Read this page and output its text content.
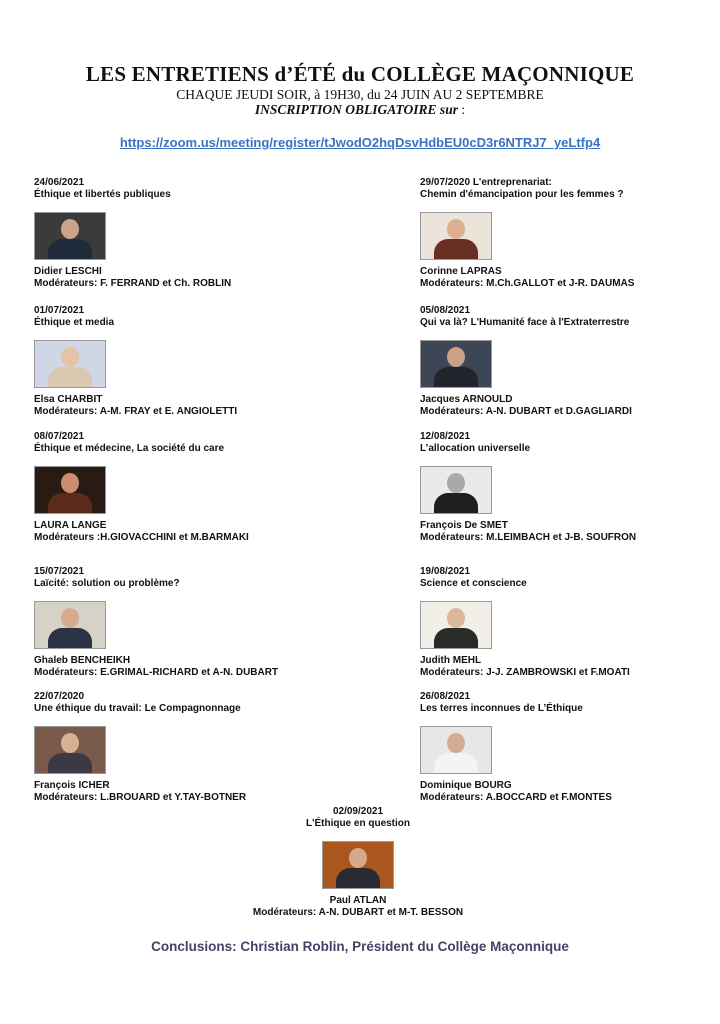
LES ENTRETIENS d’ÉTÉ du COLLÈGE MAÇONNIQUE
CHAQUE JEUDI SOIR, à 19H30, du 24 JUIN AU 2 SEPTEMBRE
INSCRIPTION OBLIGATOIRE sur :
https://zoom.us/meeting/register/tJwodO2hqDsvHdbEU0cD3r6NTRJ7_yeLtfp4
24/06/2021
Éthique et libertés publiques
Didier LESCHI
Modérateurs: F. FERRAND et Ch. ROBLIN
01/07/2021
Éthique et media
Elsa CHARBIT
Modérateurs: A-M. FRAY et E. ANGIOLETTI
08/07/2021
Éthique et médecine, La société du care
LAURA LANGE
Modérateurs :H.GIOVACCHINI et M.BARMAKI
15/07/2021
Laïcité: solution ou problème?
Ghaleb BENCHEIKH
Modérateurs: E.GRIMAL-RICHARD et A-N. DUBART
22/07/2020
Une éthique du travail: Le Compagnonnage
François ICHER
Modérateurs: L.BROUARD et Y.TAY-BOTNER
29/07/2020 L'entreprenariat:
Chemin d'émancipation pour les femmes ?
Corinne LAPRAS
Modérateurs: M.Ch.GALLOT et J-R. DAUMAS
05/08/2021
Qui va là? L'Humanité face à l'Extraterrestre
Jacques ARNOULD
Modérateurs: A-N. DUBART et D.GAGLIARDI
12/08/2021
L’allocation universelle
François De SMET
Modérateurs: M.LEIMBACH et J-B. SOUFRON
19/08/2021
Science et conscience
Judith MEHL
Modérateurs: J-J. ZAMBROWSKI et F.MOATI
26/08/2021
Les terres inconnues de L’Éthique
Dominique BOURG
Modérateurs: A.BOCCARD et F.MONTES
02/09/2021
L'Éthique en question
Paul ATLAN
Modérateurs: A-N. DUBART et M-T. BESSON
Conclusions: Christian Roblin, Président du Collège Maçonnique
